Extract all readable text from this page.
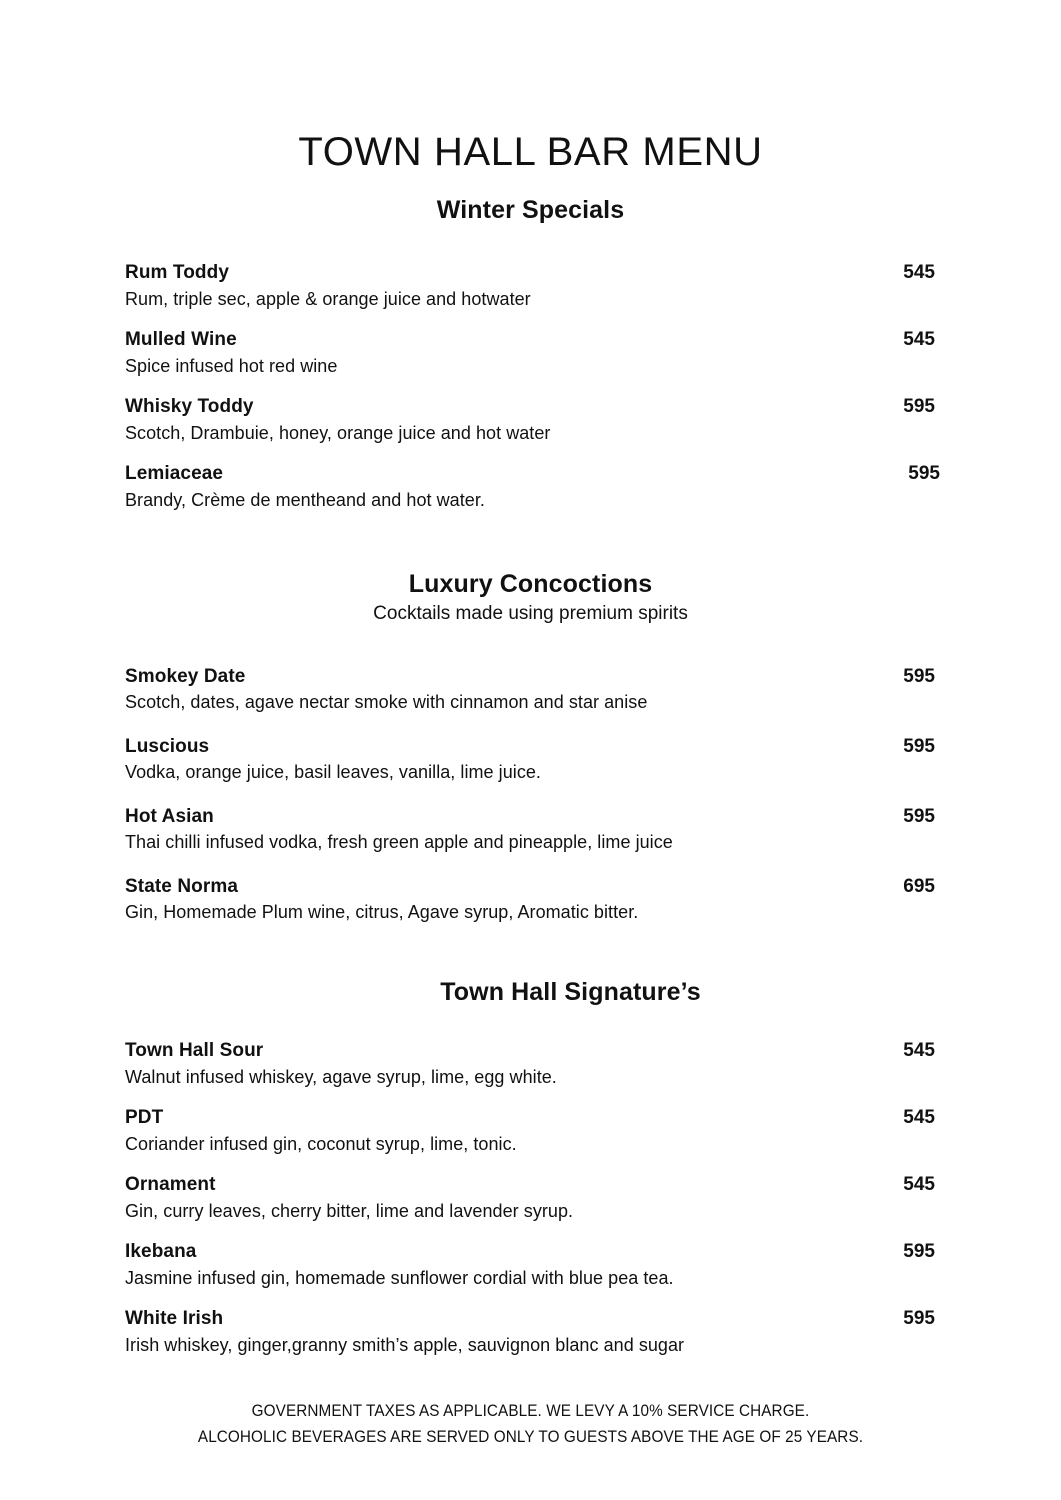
TOWN HALL BAR MENU
Winter Specials
Rum Toddy	545
Rum, triple sec, apple & orange juice and hotwater
Mulled Wine	545
Spice infused hot red wine
Whisky Toddy	595
Scotch, Drambuie, honey, orange juice and hot water
Lemiaceae	595
Brandy, Crème de mentheand and hot water.
Luxury Concoctions
Cocktails made using premium spirits
Smokey Date	595
Scotch, dates, agave nectar smoke with cinnamon and star anise
Luscious	595
Vodka, orange juice, basil leaves, vanilla, lime juice.
Hot Asian	595
Thai chilli infused vodka, fresh green apple and pineapple, lime juice
State Norma	695
Gin, Homemade Plum wine, citrus, Agave syrup, Aromatic bitter.
Town Hall Signature’s
Town Hall Sour	545
Walnut infused whiskey, agave syrup, lime, egg white.
PDT	545
Coriander infused gin, coconut syrup, lime, tonic.
Ornament	545
Gin, curry leaves, cherry bitter, lime and lavender syrup.
Ikebana	595
Jasmine infused gin, homemade sunflower cordial with blue pea tea.
White Irish	595
Irish whiskey, ginger,granny smith’s apple, sauvignon blanc and sugar
GOVERNMENT TAXES AS APPLICABLE. WE LEVY A 10% SERVICE CHARGE.
ALCOHOLIC BEVERAGES ARE SERVED ONLY TO GUESTS ABOVE THE AGE OF 25 YEARS.
